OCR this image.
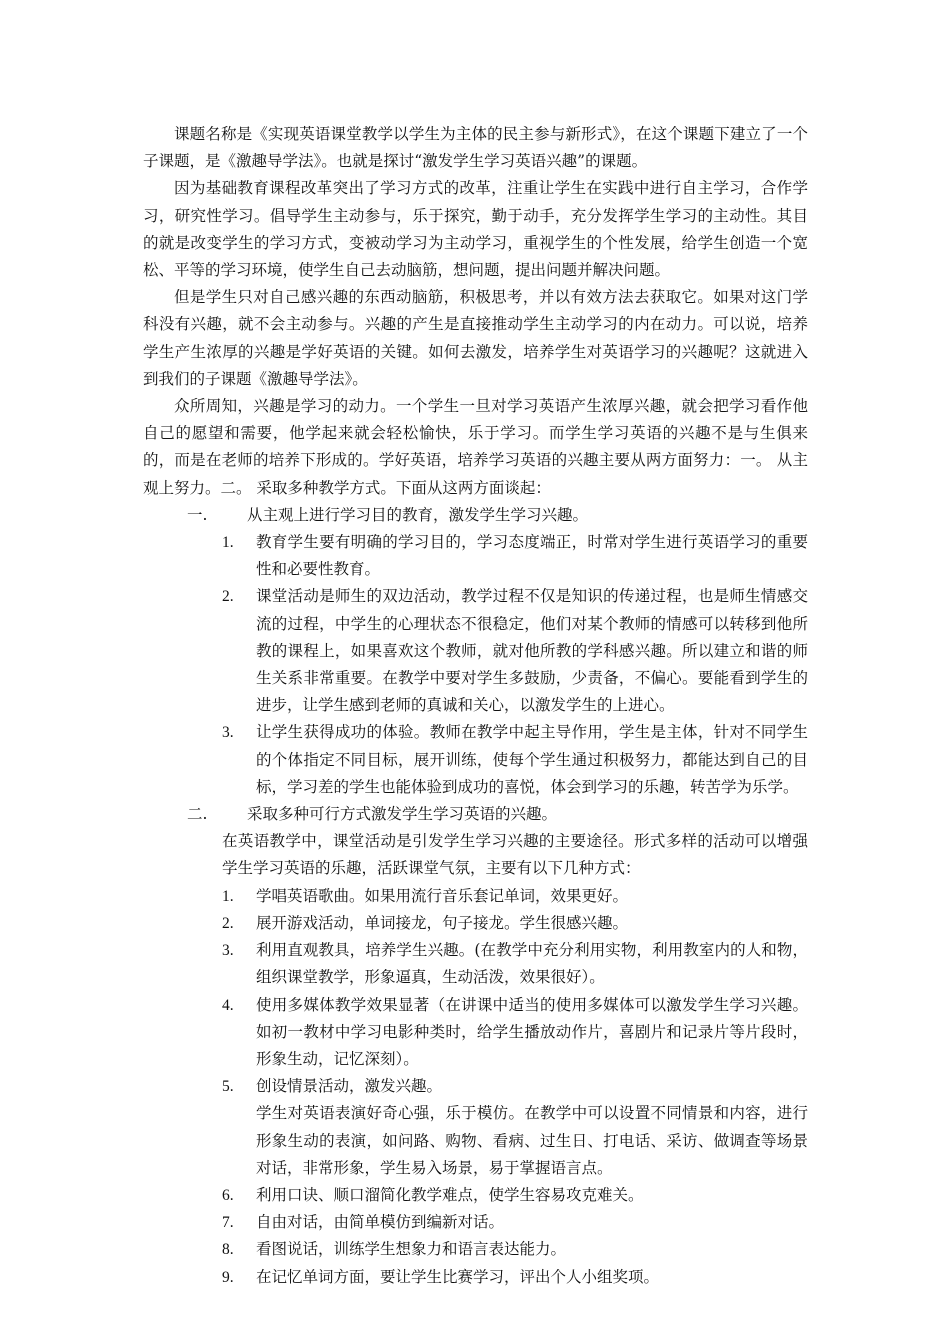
课题名称是《实现英语课堂教学以学生为主体的民主参与新形式》，在这个课题下建立了一个子课题，是《激趣导学法》。也就是探讨“激发学生学习英语兴趣”的课题。

因为基础教育课程改革突出了学习方式的改革，注重让学生在实践中进行自主学习，合作学习，研究性学习。倡导学生主动参与，乐于探究，勤于动手，充分发挥学生学习的主动性。其目的就是改变学生的学习方式，变被动学习为主动学习，重视学生的个性发展，给学生创造一个宽松、平等的学习环境，使学生自己去动脑筋，想问题，提出问题并解决问题。

但是学生只对自己感兴趣的东西动脑筋，积极思考，并以有效方法去获取它。如果对这门学科没有兴趣，就不会主动参与。兴趣的产生是直接推动学生主动学习的内在动力。可以说，培养学生产生浓厚的兴趣是学好英语的关键。如何去激发，培养学生对英语学习的兴趣呢？这就进入到我们的子课题《激趣导学法》。

众所周知，兴趣是学习的动力。一个学生一旦对学习英语产生浓厚兴趣，就会把学习看作他自己的愿望和需要，他学起来就会轻松愉快，乐于学习。而学生学习英语的兴趣不是与生俱来的，而是在老师的培养下形成的。学好英语，培养学习英语的兴趣主要从两方面努力：一。 从主观上努力。二。 采取多种教学方式。下面从这两方面谈起：

一.	从主观上进行学习目的教育，激发学生学习兴趣。
1.	教育学生要有明确的学习目的，学习态度端正，时常对学生进行英语学习的重要性和必要性教育。
2.	课堂活动是师生的双边活动，教学过程不仅是知识的传递过程，也是师生情感交流的过程，中学生的心理状态不很稳定，他们对某个教师的情感可以转移到他所教的课程上，如果喜欢这个教师，就对他所教的学科感兴趣。所以建立和谐的师生关系非常重要。在教学中要对学生多鼓励，少责备，不偏心。要能看到学生的进步，让学生感到老师的真诚和关心，以激发学生的上进心。
3.	让学生获得成功的体验。教师在教学中起主导作用，学生是主体，针对不同学生的个体指定不同目标，展开训练，使每个学生通过积极努力，都能达到自己的目标，学习差的学生也能体验到成功的喜悦，体会到学习的乐趣，转苦学为乐学。
二.	采取多种可行方式激发学生学习英语的兴趣。

在英语教学中，课堂活动是引发学生学习兴趣的主要途径。形式多样的活动可以增强学生学习英语的乐趣，活跃课堂气氛，主要有以下几种方式：

1.	学唱英语歌曲。如果用流行音乐套记单词，效果更好。
2.	展开游戏活动，单词接龙，句子接龙。学生很感兴趣。
3.	利用直观教具，培养学生兴趣。(在教学中充分利用实物，利用教室内的人和物，组织课堂教学，形象逼真，生动活泼，效果很好）。
4.	使用多媒体教学效果显著（在讲课中适当的使用多媒体可以激发学生学习兴趣。如初一教材中学习电影种类时，给学生播放动作片，喜剧片和记录片等片段时，形象生动，记忆深刻）。
5.	创设情景活动，激发兴趣。

学生对英语表演好奇心强，乐于模仿。在教学中可以设置不同情景和内容，进行形象生动的表演，如问路、购物、看病、过生日、打电话、采访、做调查等场景对话，非常形象，学生易入场景，易于掌握语言点。

6.	利用口诀、顺口溜简化教学难点，使学生容易攻克难关。
7.	自由对话，由简单模仿到编新对话。
8.	看图说话，训练学生想象力和语言表达能力。
9.	在记忆单词方面，要让学生比赛学习，评出个人小组奖项。
